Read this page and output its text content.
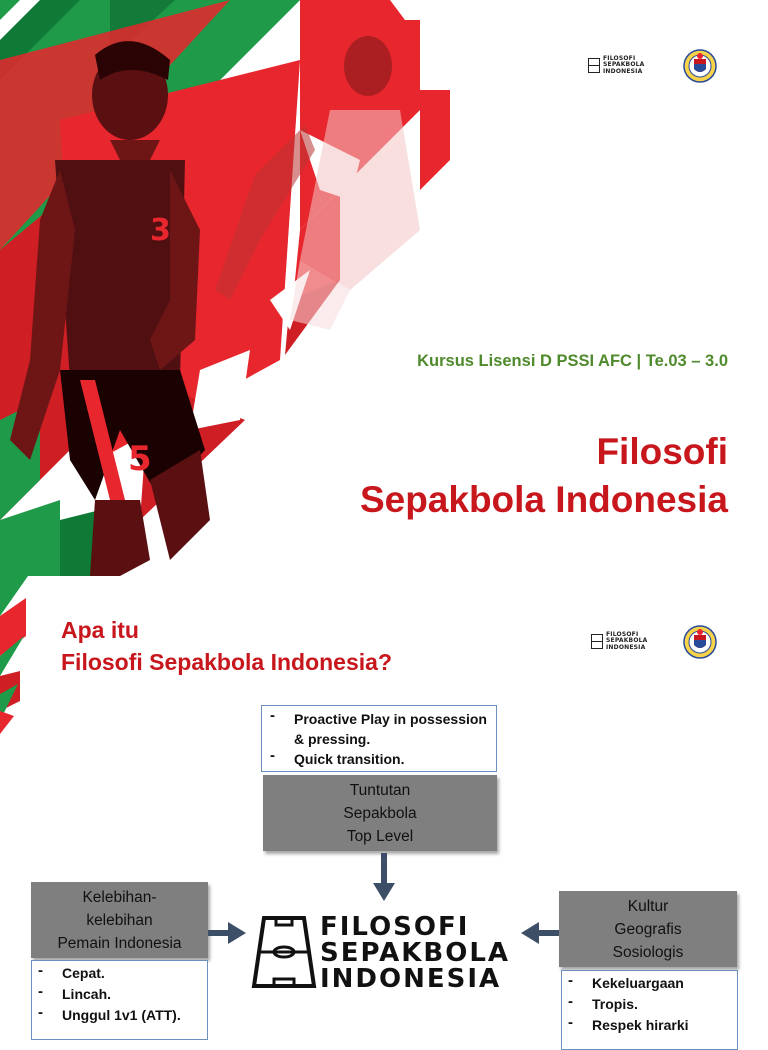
5
3
FILOSOFI
SEPAKBOLA
INDONESIA
Kursus Lisensi D PSSI AFC | Te.03 – 3.0
Filosofi
Sepakbola Indonesia
Apa itu
Filosofi Sepakbola Indonesia?
FILOSOFI
SEPAKBOLA
INDONESIA
- Proactive Play in possession & pressing.
- Quick transition.
Tuntutan
Sepakbola
Top Level
Kelebihan-
kelebihan
Pemain Indonesia
- Cepat.
- Lincah.
- Unggul 1v1 (ATT).
Kultur
Geografis
Sosiologis
- Kekeluargaan
- Tropis.
- Respek hirarki
FILOSOFI
SEPAKBOLA
INDONESIA
